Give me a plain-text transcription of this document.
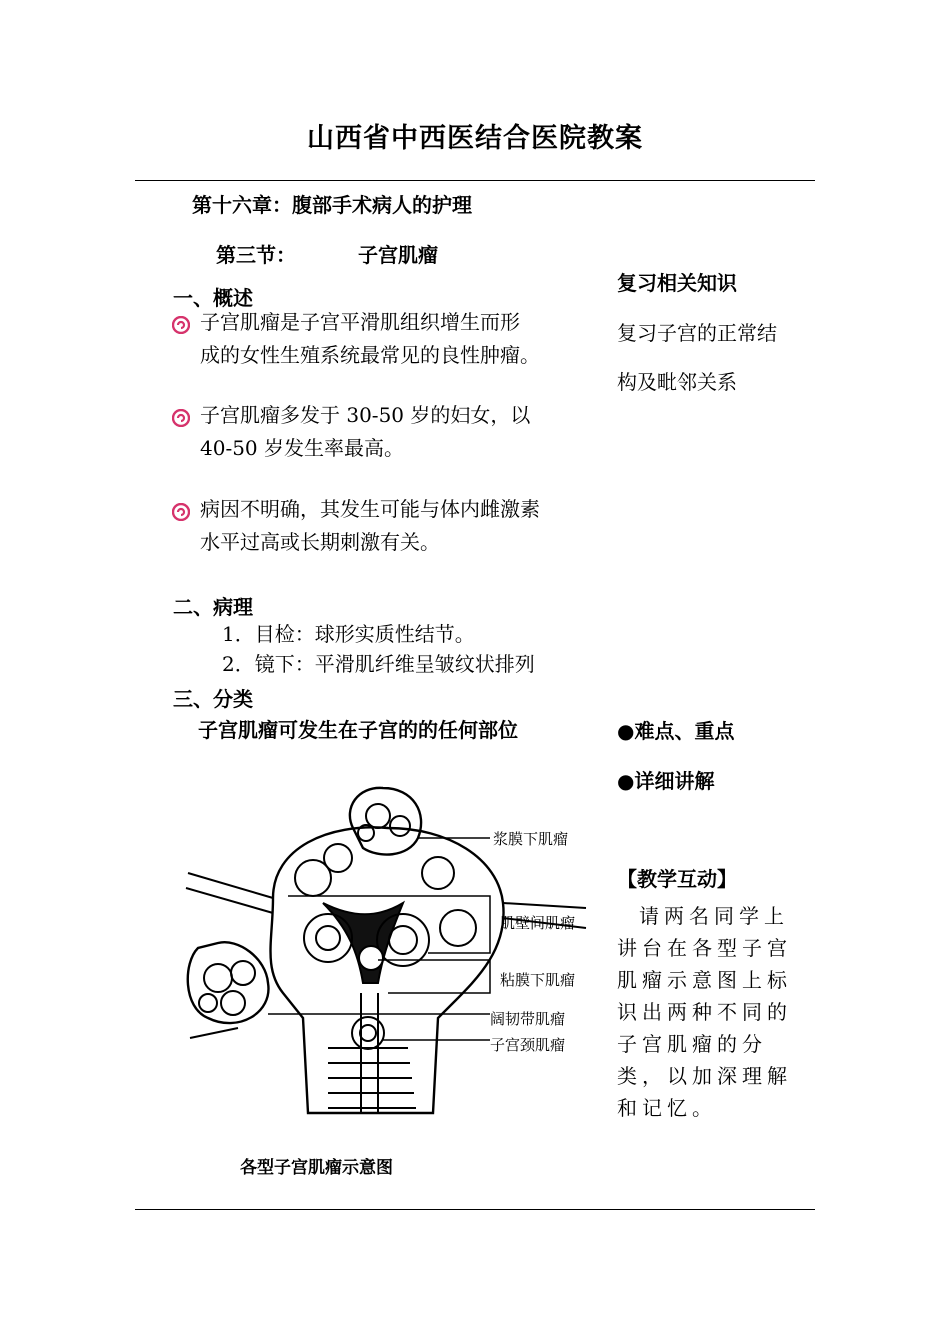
山西省中西医结合医院教案
第十六章：腹部手术病人的护理
第三节：	子宫肌瘤
一、概述
子宫肌瘤是子宫平滑肌组织增生而形
成的女性生殖系统最常见的良性肿瘤。
子宫肌瘤多发于 30-50 岁的妇女，以
40-50 岁发生率最高。
病因不明确，其发生可能与体内雌激素
水平过高或长期刺激有关。
二、病理
1．目检：球形实质性结节。
2．镜下：平滑肌纤维呈皱纹状排列
三、分类
子宫肌瘤可发生在子宫的的任何部位
浆膜下肌瘤
肌壁间肌瘤
粘膜下肌瘤
阔韧带肌瘤
子宫颈肌瘤
各型子宫肌瘤示意图
复习相关知识
复习子宫的正常结
构及毗邻关系
●难点、重点
●详细讲解
【教学互动】
请两名同学上讲台在各型子宫肌瘤示意图上标识出两种不同的子宫肌瘤的分类，以加深理解和记忆。
